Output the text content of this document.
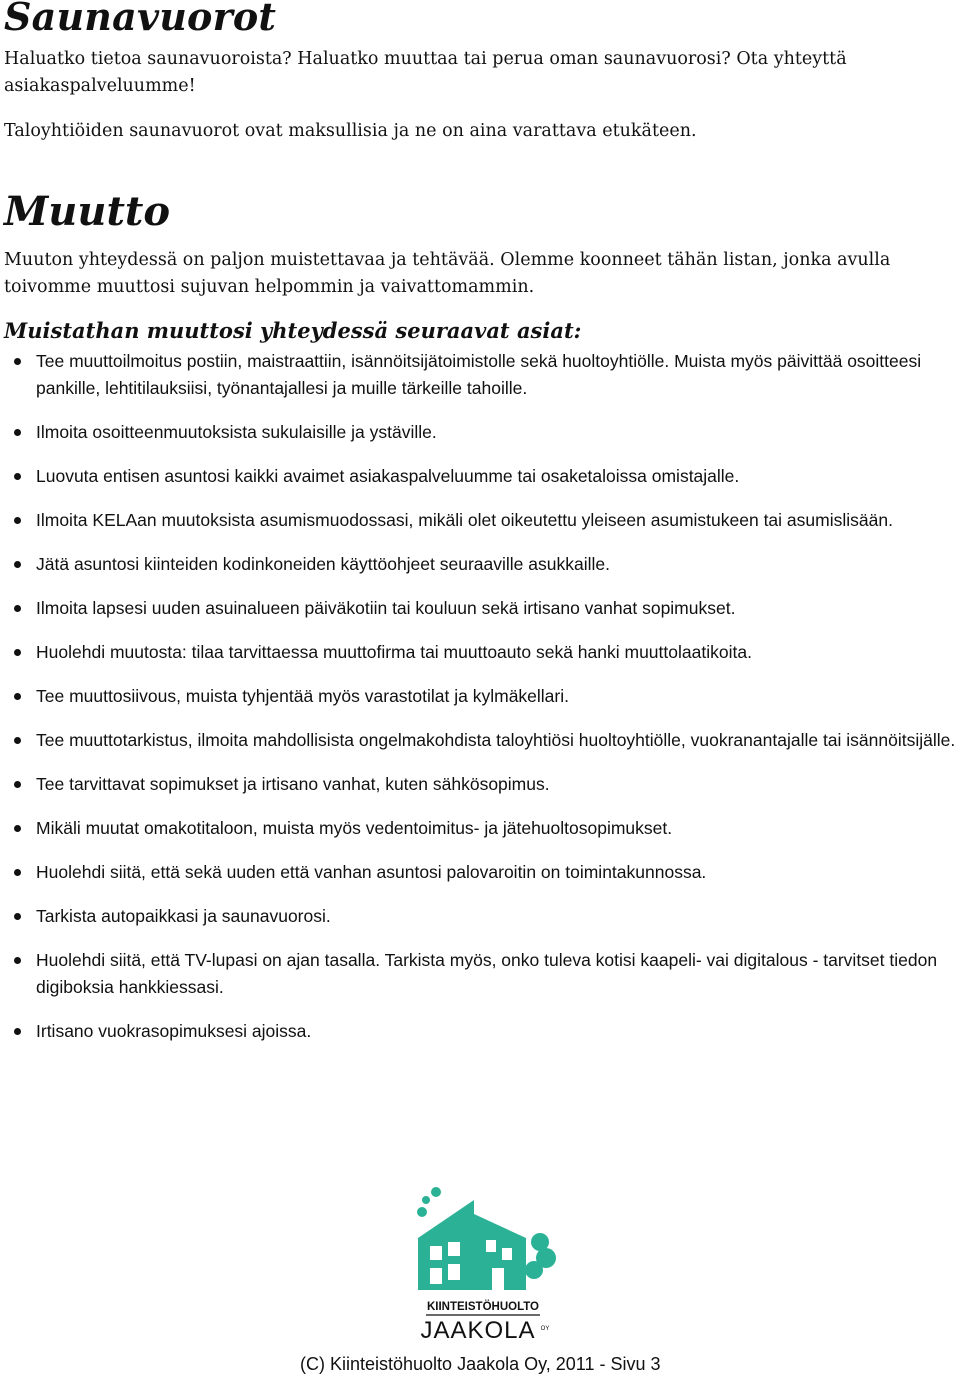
Saunavuorot

Haluatko tietoa saunavuoroista? Haluatko muuttaa tai perua oman saunavuorosi? Ota yhteyttä asiakaspalveluumme!

Taloyhtiöiden saunavuorot ovat maksullisia ja ne on aina varattava etukäteen.

Muutto

Muuton yhteydessä on paljon muistettavaa ja tehtävää. Olemme koonneet tähän listan, jonka avulla toivomme muuttosi sujuvan helpommin ja vaivattomammin.

Muistathan muuttosi yhteydessä seuraavat asiat:
Tee muuttoilmoitus postiin, maistraattiin, isännöitsijätoimistolle sekä huoltoyhtiölle. Muista myös päivittää osoitteesi pankille, lehtitilauksiisi, työnantajallesi ja muille tärkeille tahoille.
Ilmoita osoitteenmuutoksista sukulaisille ja ystäville.
Luovuta entisen asuntosi kaikki avaimet asiakaspalveluumme tai osaketaloissa omistajalle.
Ilmoita KELAan muutoksista asumismuodossasi, mikäli olet oikeutettu yleiseen asumistukeen tai asumislisään.
Jätä asuntosi kiinteiden kodinkoneiden käyttöohjeet seuraaville asukkaille.
Ilmoita lapsesi uuden asuinalueen päiväkotiin tai kouluun sekä irtisano vanhat sopimukset.
Huolehdi muutosta: tilaa tarvittaessa muuttofirma tai muuttoauto sekä hanki muuttolaatikoita.
Tee muuttosiivous, muista tyhjentää myös varastotilat ja kylmäkellari.
Tee muuttotarkistus, ilmoita mahdollisista ongelmakohdista taloyhtiösi huoltoyhtiölle, vuokranantajalle tai isännöitsijälle.
Tee tarvittavat sopimukset ja irtisano vanhat, kuten sähkösopimus.
Mikäli muutat omakotitaloon, muista myös vedentoimitus- ja jätehuoltosopimukset.
Huolehdi siitä, että sekä uuden että vanhan asuntosi palovaroitin on toimintakunnossa.
Tarkista autopaikkasi ja saunavuorosi.
Huolehdi siitä, että TV-lupasi on ajan tasalla. Tarkista myös, onko tuleva kotisi kaapeli- vai digitalous - tarvitset tiedon digiboksia hankkiessasi.
Irtisano vuokrasopimuksesi ajoissa.
KIINTEISTÖHUOLTO
JAAKOLA OY

(C) Kiinteistöhuolto Jaakola Oy, 2011 - Sivu 3
